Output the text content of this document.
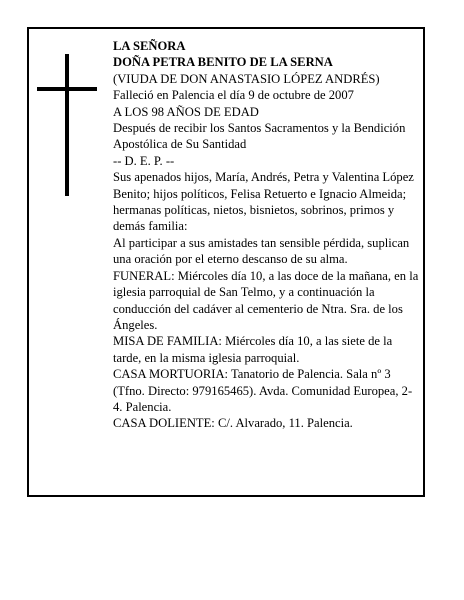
LA SEÑORA

DOÑA PETRA BENITO DE LA SERNA

(VIUDA DE DON ANASTASIO LÓPEZ ANDRÉS)

Falleció en Palencia el día 9 de octubre de 2007

A LOS 98 AÑOS DE EDAD

Después de recibir los Santos Sacramentos y la Bendición Apostólica de Su Santidad

-- D. E. P. --

Sus apenados hijos, María, Andrés, Petra y Valentina López Benito; hijos políticos, Felisa Retuerto e Ignacio Almeida; hermanas políticas, nietos, bisnietos, sobrinos, primos y demás familia:

Al participar a sus amistades tan sensible pérdida, suplican una oración por el eterno descanso de su alma.

FUNERAL: Miércoles día 10, a las doce de la mañana, en la iglesia parroquial de San Telmo, y a continuación la conducción del cadáver al cementerio de Ntra. Sra. de los Ángeles.

MISA DE FAMILIA: Miércoles día 10, a las siete de la tarde, en la misma iglesia parroquial.

CASA MORTUORIA: Tanatorio de Palencia. Sala nº 3 (Tfno. Directo: 979165465). Avda. Comunidad Europea, 2-4. Palencia.

CASA DOLIENTE: C/. Alvarado, 11. Palencia.
